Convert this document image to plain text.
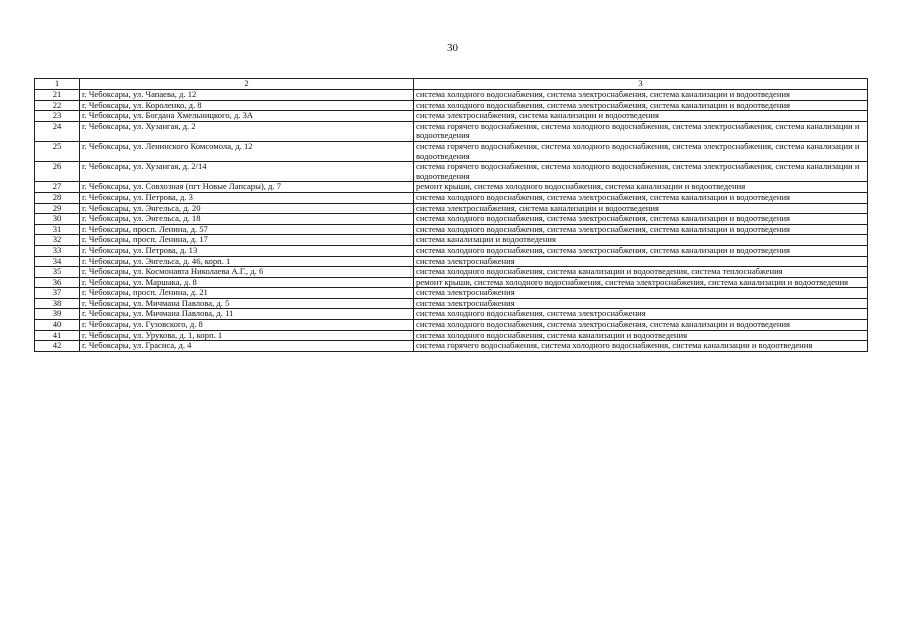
30
1	2	3
21	г. Чебоксары, ул. Чапаева, д. 12	система холодного водоснабжения, система электроснабжения, система канализации и водоотведения
22	г. Чебоксары, ул. Короленко, д. 8	система холодного водоснабжения, система электроснабжения, система канализации и водоотведения
23	г. Чебоксары, ул. Богдана Хмельницкого, д. 3А	система электроснабжения, система канализации и водоотведения
24	г. Чебоксары, ул. Хузангая, д. 2	система горячего водоснабжения, система холодного водоснабжения, система электроснабжения, система канализации и водоотведения
25	г. Чебоксары, ул. Ленинского Комсомола, д. 12	система горячего водоснабжения, система холодного водоснабжения, система электроснабжения, система канализации и водоотведения
26	г. Чебоксары, ул. Хузангая, д. 2/14	система горячего водоснабжения, система холодного водоснабжения, система электроснабжения, система канализации и водоотведения
27	г. Чебоксары, ул. Совхозная (пгт Новые Лапсары), д. 7	ремонт крыши, система холодного водоснабжения, система канализации и водоотведения
28	г. Чебоксары, ул. Петрова, д. 3	система холодного водоснабжения, система электроснабжения, система канализации и водоотведения
29	г. Чебоксары, ул. Энгельса, д. 20	система электроснабжения, система канализации и водоотведения
30	г. Чебоксары, ул. Энгельса, д. 18	система холодного водоснабжения, система электроснабжения, система канализации и водоотведения
31	г. Чебоксары, просп. Ленина, д. 57	система холодного водоснабжения, система электроснабжения, система канализации и водоотведения
32	г. Чебоксары, просп. Ленина, д. 17	система канализации и водоотведения
33	г. Чебоксары, ул. Петрова, д. 13	система холодного водоснабжения, система электроснабжения, система канализации и водоотведения
34	г. Чебоксары, ул. Энгельса, д. 46, корп. 1	система электроснабжения
35	г. Чебоксары, ул. Космонавта Николаева А.Г., д. 6	система холодного водоснабжения, система канализации и водоотведения, система теплоснабжения
36	г. Чебоксары, ул. Маршака, д. 8	ремонт крыши, система холодного водоснабжения, система электроснабжения, система канализации и водоотведения
37	г. Чебоксары, просп. Ленина, д. 21	система электроснабжения
38	г. Чебоксары, ул. Мичмана Павлова, д. 5	система электроснабжения
39	г. Чебоксары, ул. Мичмана Павлова, д. 11	система холодного водоснабжения, система электроснабжения
40	г. Чебоксары, ул. Гузовского, д. 8	система холодного водоснабжения, система электроснабжения, система канализации и водоотведения
41	г. Чебоксары, ул. Урукова, д. 1, корп. 1	система холодного водоснабжения, система канализации и водоотведения
42	г. Чебоксары, ул. Грасиса, д. 4	система горячего водоснабжения, система холодного водоснабжения, система канализации и водоотведения
